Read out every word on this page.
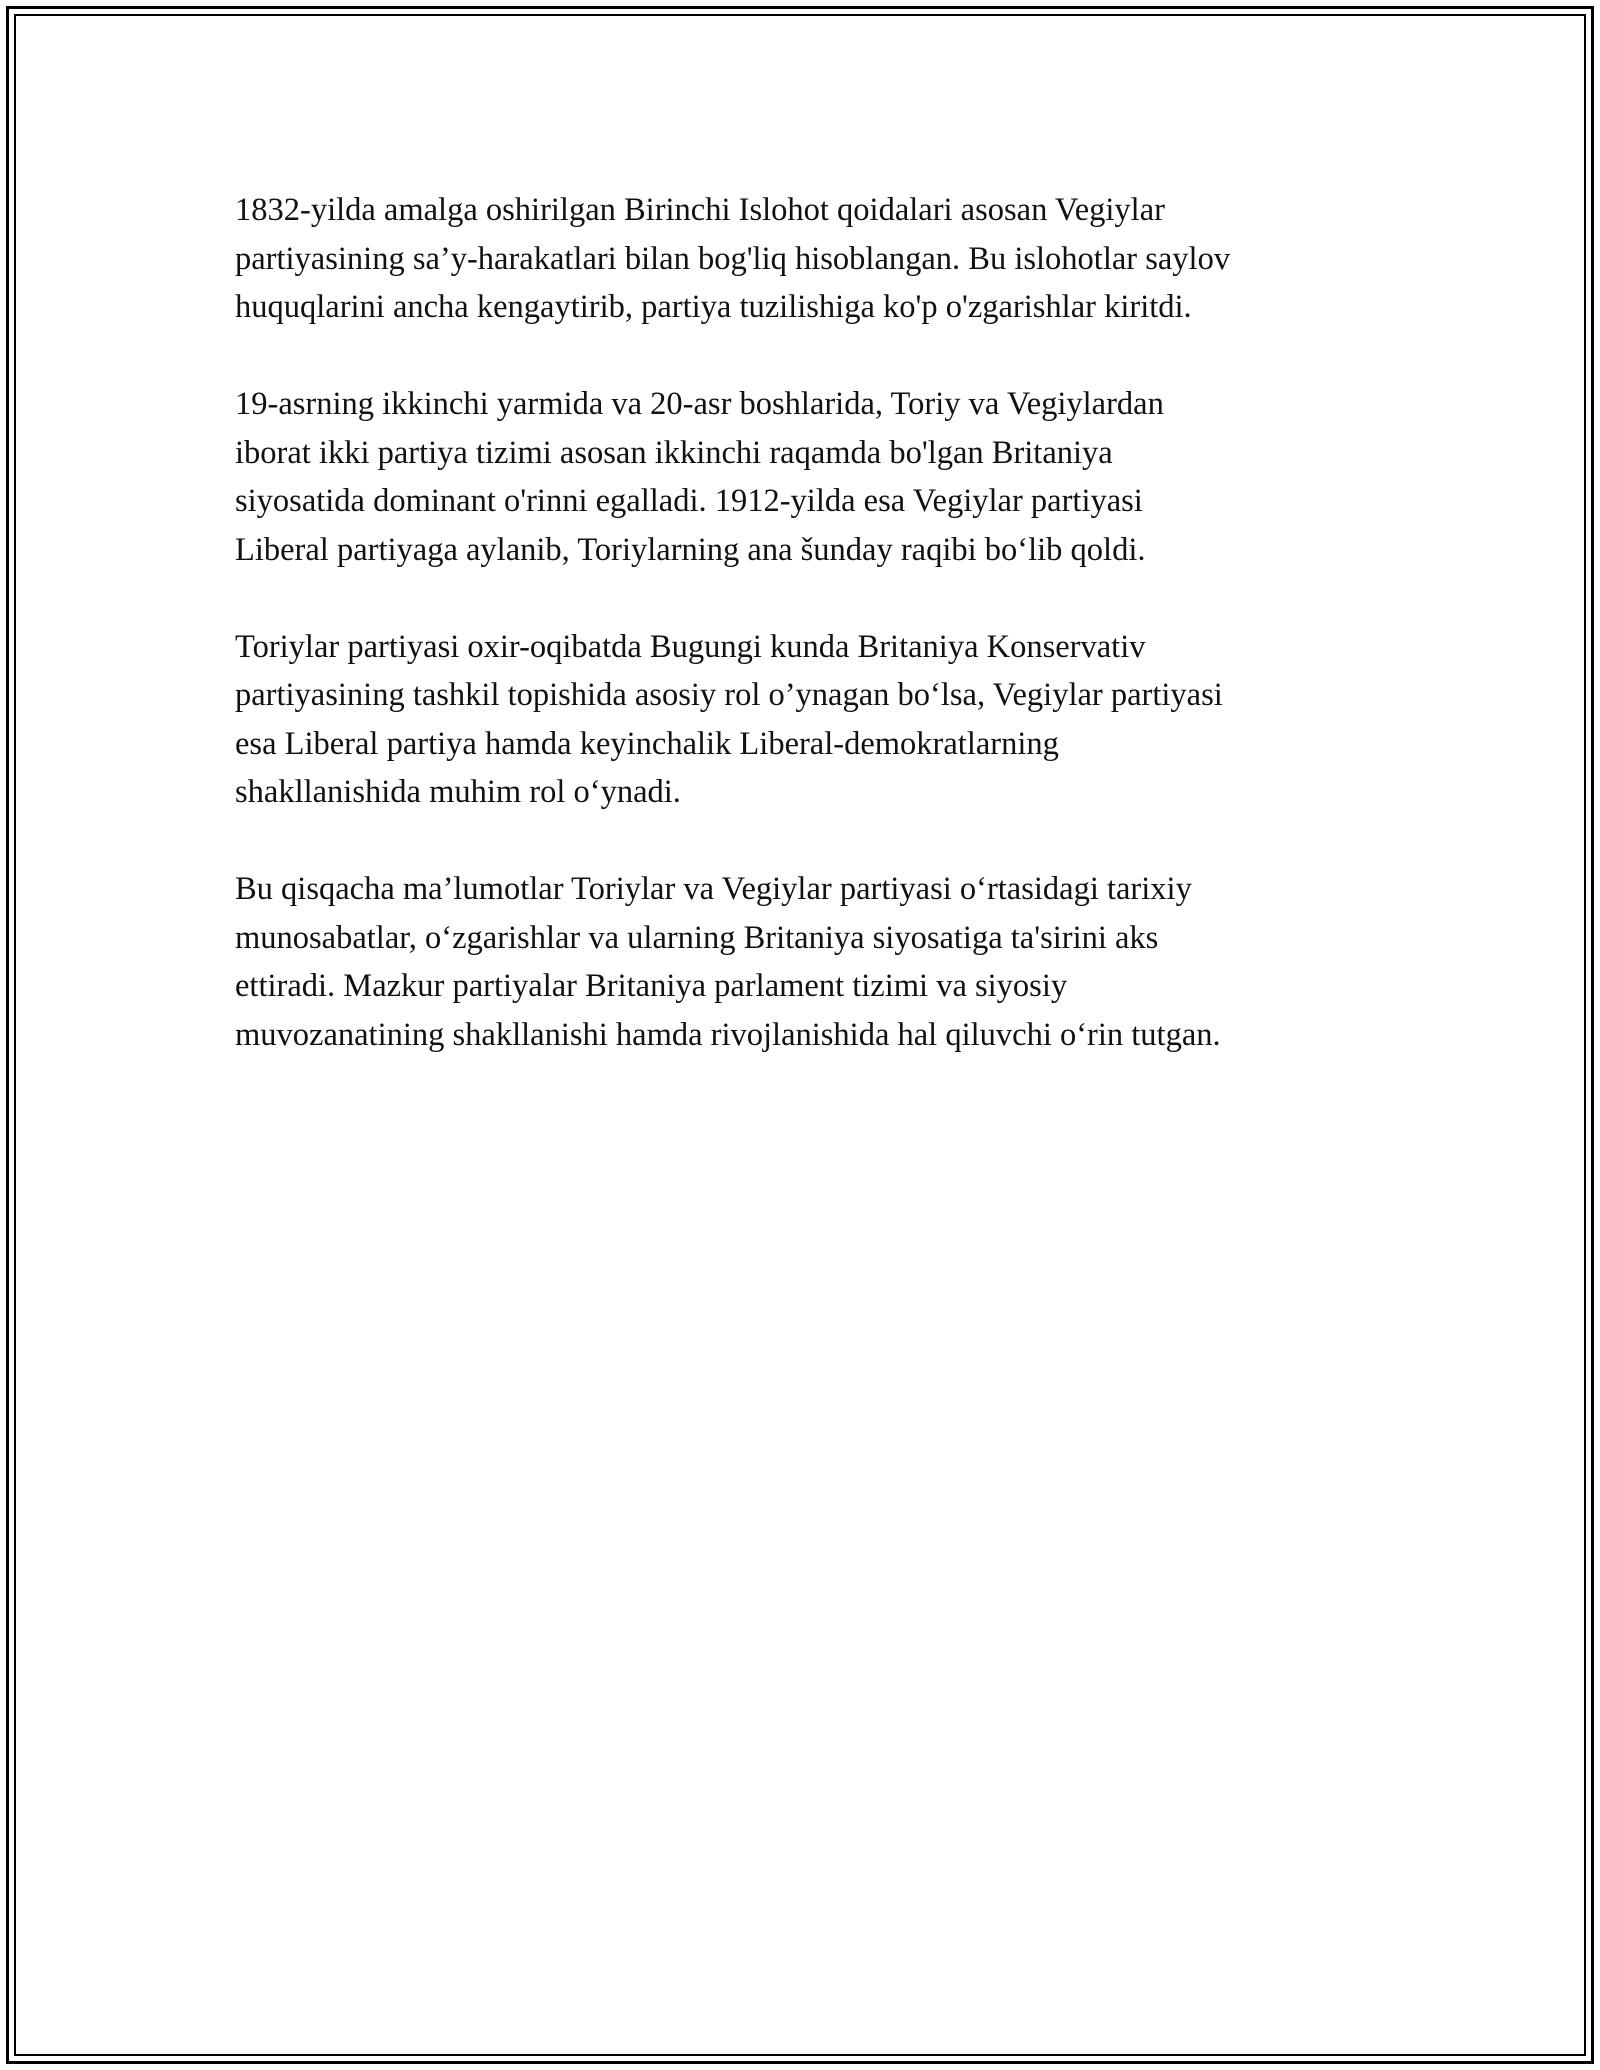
1832-yilda amalga oshirilgan Birinchi Islohot qoidalari asosan Vegiylar
partiyasining sa’y-harakatlari bilan bog'liq hisoblangan. Bu islohotlar saylov
huquqlarini ancha kengaytirib, partiya tuzilishiga ko'p o'zgarishlar kiritdi.

19-asrning ikkinchi yarmida va 20-asr boshlarida, Toriy va Vegiylardan
iborat ikki partiya tizimi asosan ikkinchi raqamda bo'lgan Britaniya
siyosatida dominant o'rinni egalladi. 1912-yilda esa Vegiylar partiyasi
Liberal partiyaga aylanib, Toriylarning ana šunday raqibi bo‘lib qoldi.

Toriylar partiyasi oxir-oqibatda Bugungi kunda Britaniya Konservativ
partiyasining tashkil topishida asosiy rol o’ynagan bo‘lsa, Vegiylar partiyasi
esa Liberal partiya hamda keyinchalik Liberal-demokratlarning
shakllanishida muhim rol o‘ynadi.

Bu qisqacha ma’lumotlar Toriylar va Vegiylar partiyasi o‘rtasidagi tarixiy
munosabatlar, o‘zgarishlar va ularning Britaniya siyosatiga ta'sirini aks
ettiradi. Mazkur partiyalar Britaniya parlament tizimi va siyosiy
muvozanatining shakllanishi hamda rivojlanishida hal qiluvchi o‘rin tutgan.
